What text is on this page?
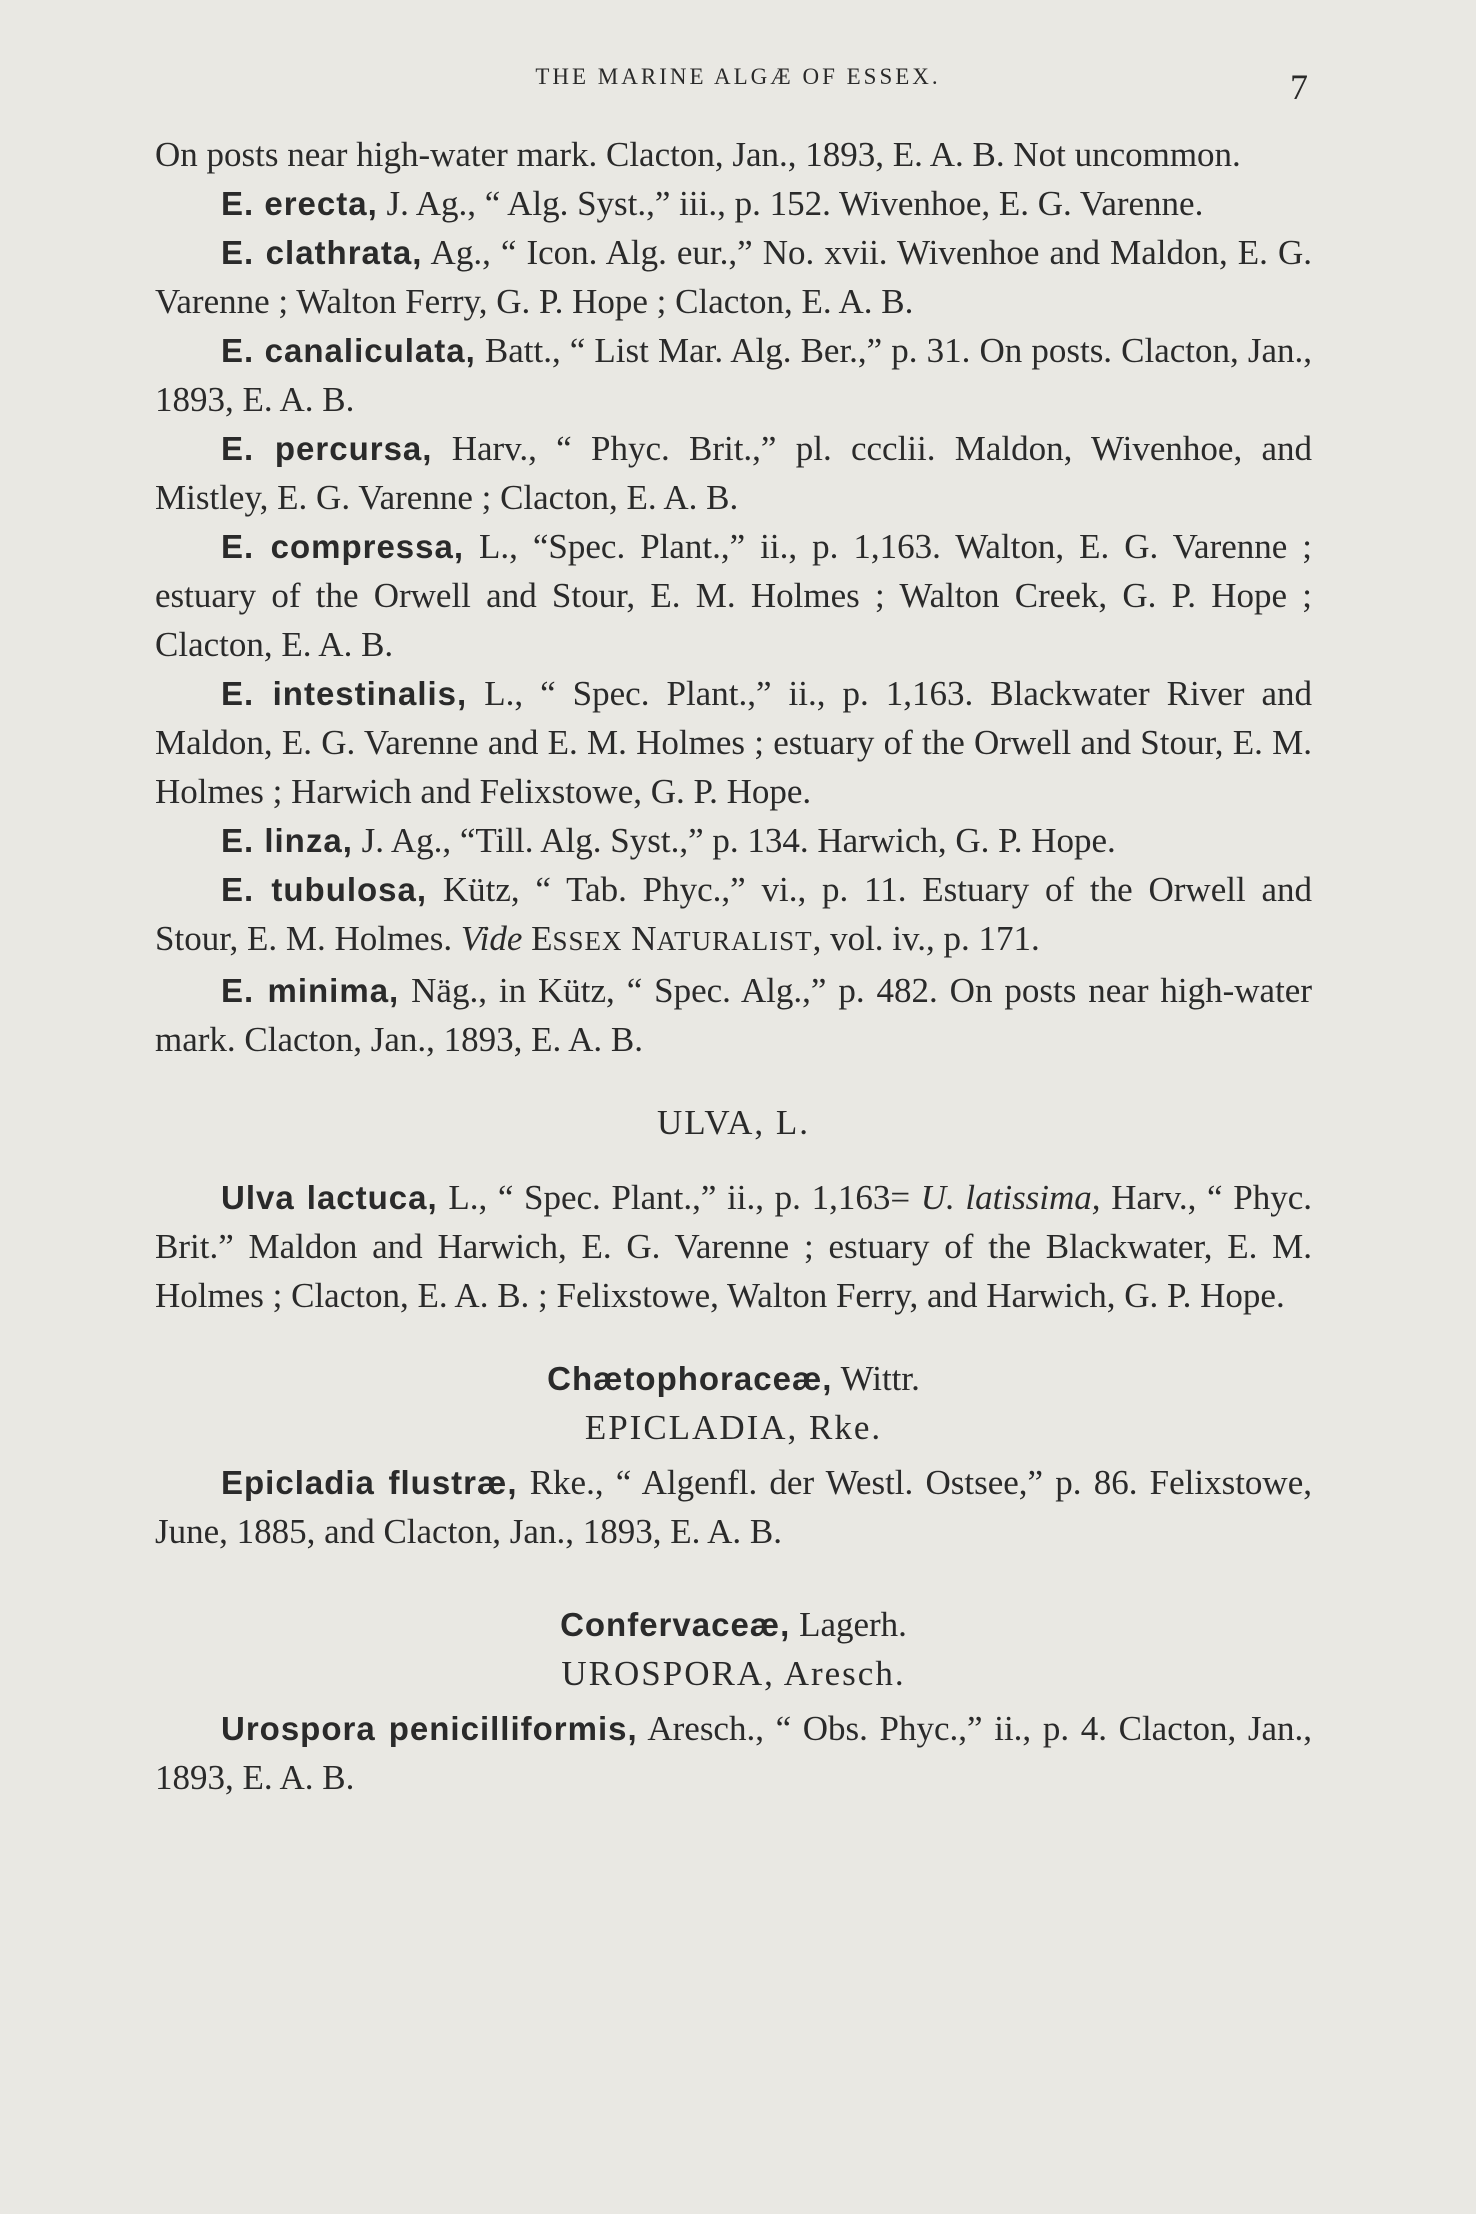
THE MARINE ALGÆ OF ESSEX.	7

On posts near high-water mark. Clacton, Jan., 1893, E. A. B. Not uncommon.

E. erecta, J. Ag., “ Alg. Syst.,” iii., p. 152. Wivenhoe, E. G. Varenne.

E. clathrata, Ag., “ Icon. Alg. eur.,” No. xvii. Wivenhoe and Maldon, E. G. Varenne ; Walton Ferry, G. P. Hope ; Clacton, E. A. B.

E. canaliculata, Batt., “ List Mar. Alg. Ber.,” p. 31. On posts. Clacton, Jan., 1893, E. A. B.

E. percursa, Harv., “ Phyc. Brit.,” pl. ccclii. Maldon, Wivenhoe, and Mistley, E. G. Varenne ; Clacton, E. A. B.

E. compressa, L., “Spec. Plant.,” ii., p. 1,163. Walton, E. G. Varenne ; estuary of the Orwell and Stour, E. M. Holmes ; Walton Creek, G. P. Hope ; Clacton, E. A. B.

E. intestinalis, L., “ Spec. Plant.,” ii., p. 1,163. Blackwater River and Maldon, E. G. Varenne and E. M. Holmes ; estuary of the Orwell and Stour, E. M. Holmes ; Harwich and Felixstowe, G. P. Hope.

E. linza, J. Ag., “Till. Alg. Syst.,” p. 134. Harwich, G. P. Hope.

E. tubulosa, Kütz, “ Tab. Phyc.,” vi., p. 11. Estuary of the Orwell and Stour, E. M. Holmes. Vide ESSEX NATURALIST, vol. iv., p. 171.

E. minima, Näg., in Kütz, “ Spec. Alg.,” p. 482. On posts near high-water mark. Clacton, Jan., 1893, E. A. B.

ULVA, L.

Ulva lactuca, L., “ Spec. Plant.,” ii., p. 1,163= U. latissima, Harv., “ Phyc. Brit.” Maldon and Harwich, E. G. Varenne ; estuary of the Blackwater, E. M. Holmes ; Clacton, E. A. B. ; Felixstowe, Walton Ferry, and Harwich, G. P. Hope.

Chætophoraceæ, Wittr.

EPICLADIA, Rke.

Epicladia flustræ, Rke., “ Algenfl. der Westl. Ostsee,” p. 86. Felixstowe, June, 1885, and Clacton, Jan., 1893, E. A. B.

Confervaceæ, Lagerh.

UROSPORA, Aresch.

Urospora penicilliformis, Aresch., “ Obs. Phyc.,” ii., p. 4. Clacton, Jan., 1893, E. A. B.
